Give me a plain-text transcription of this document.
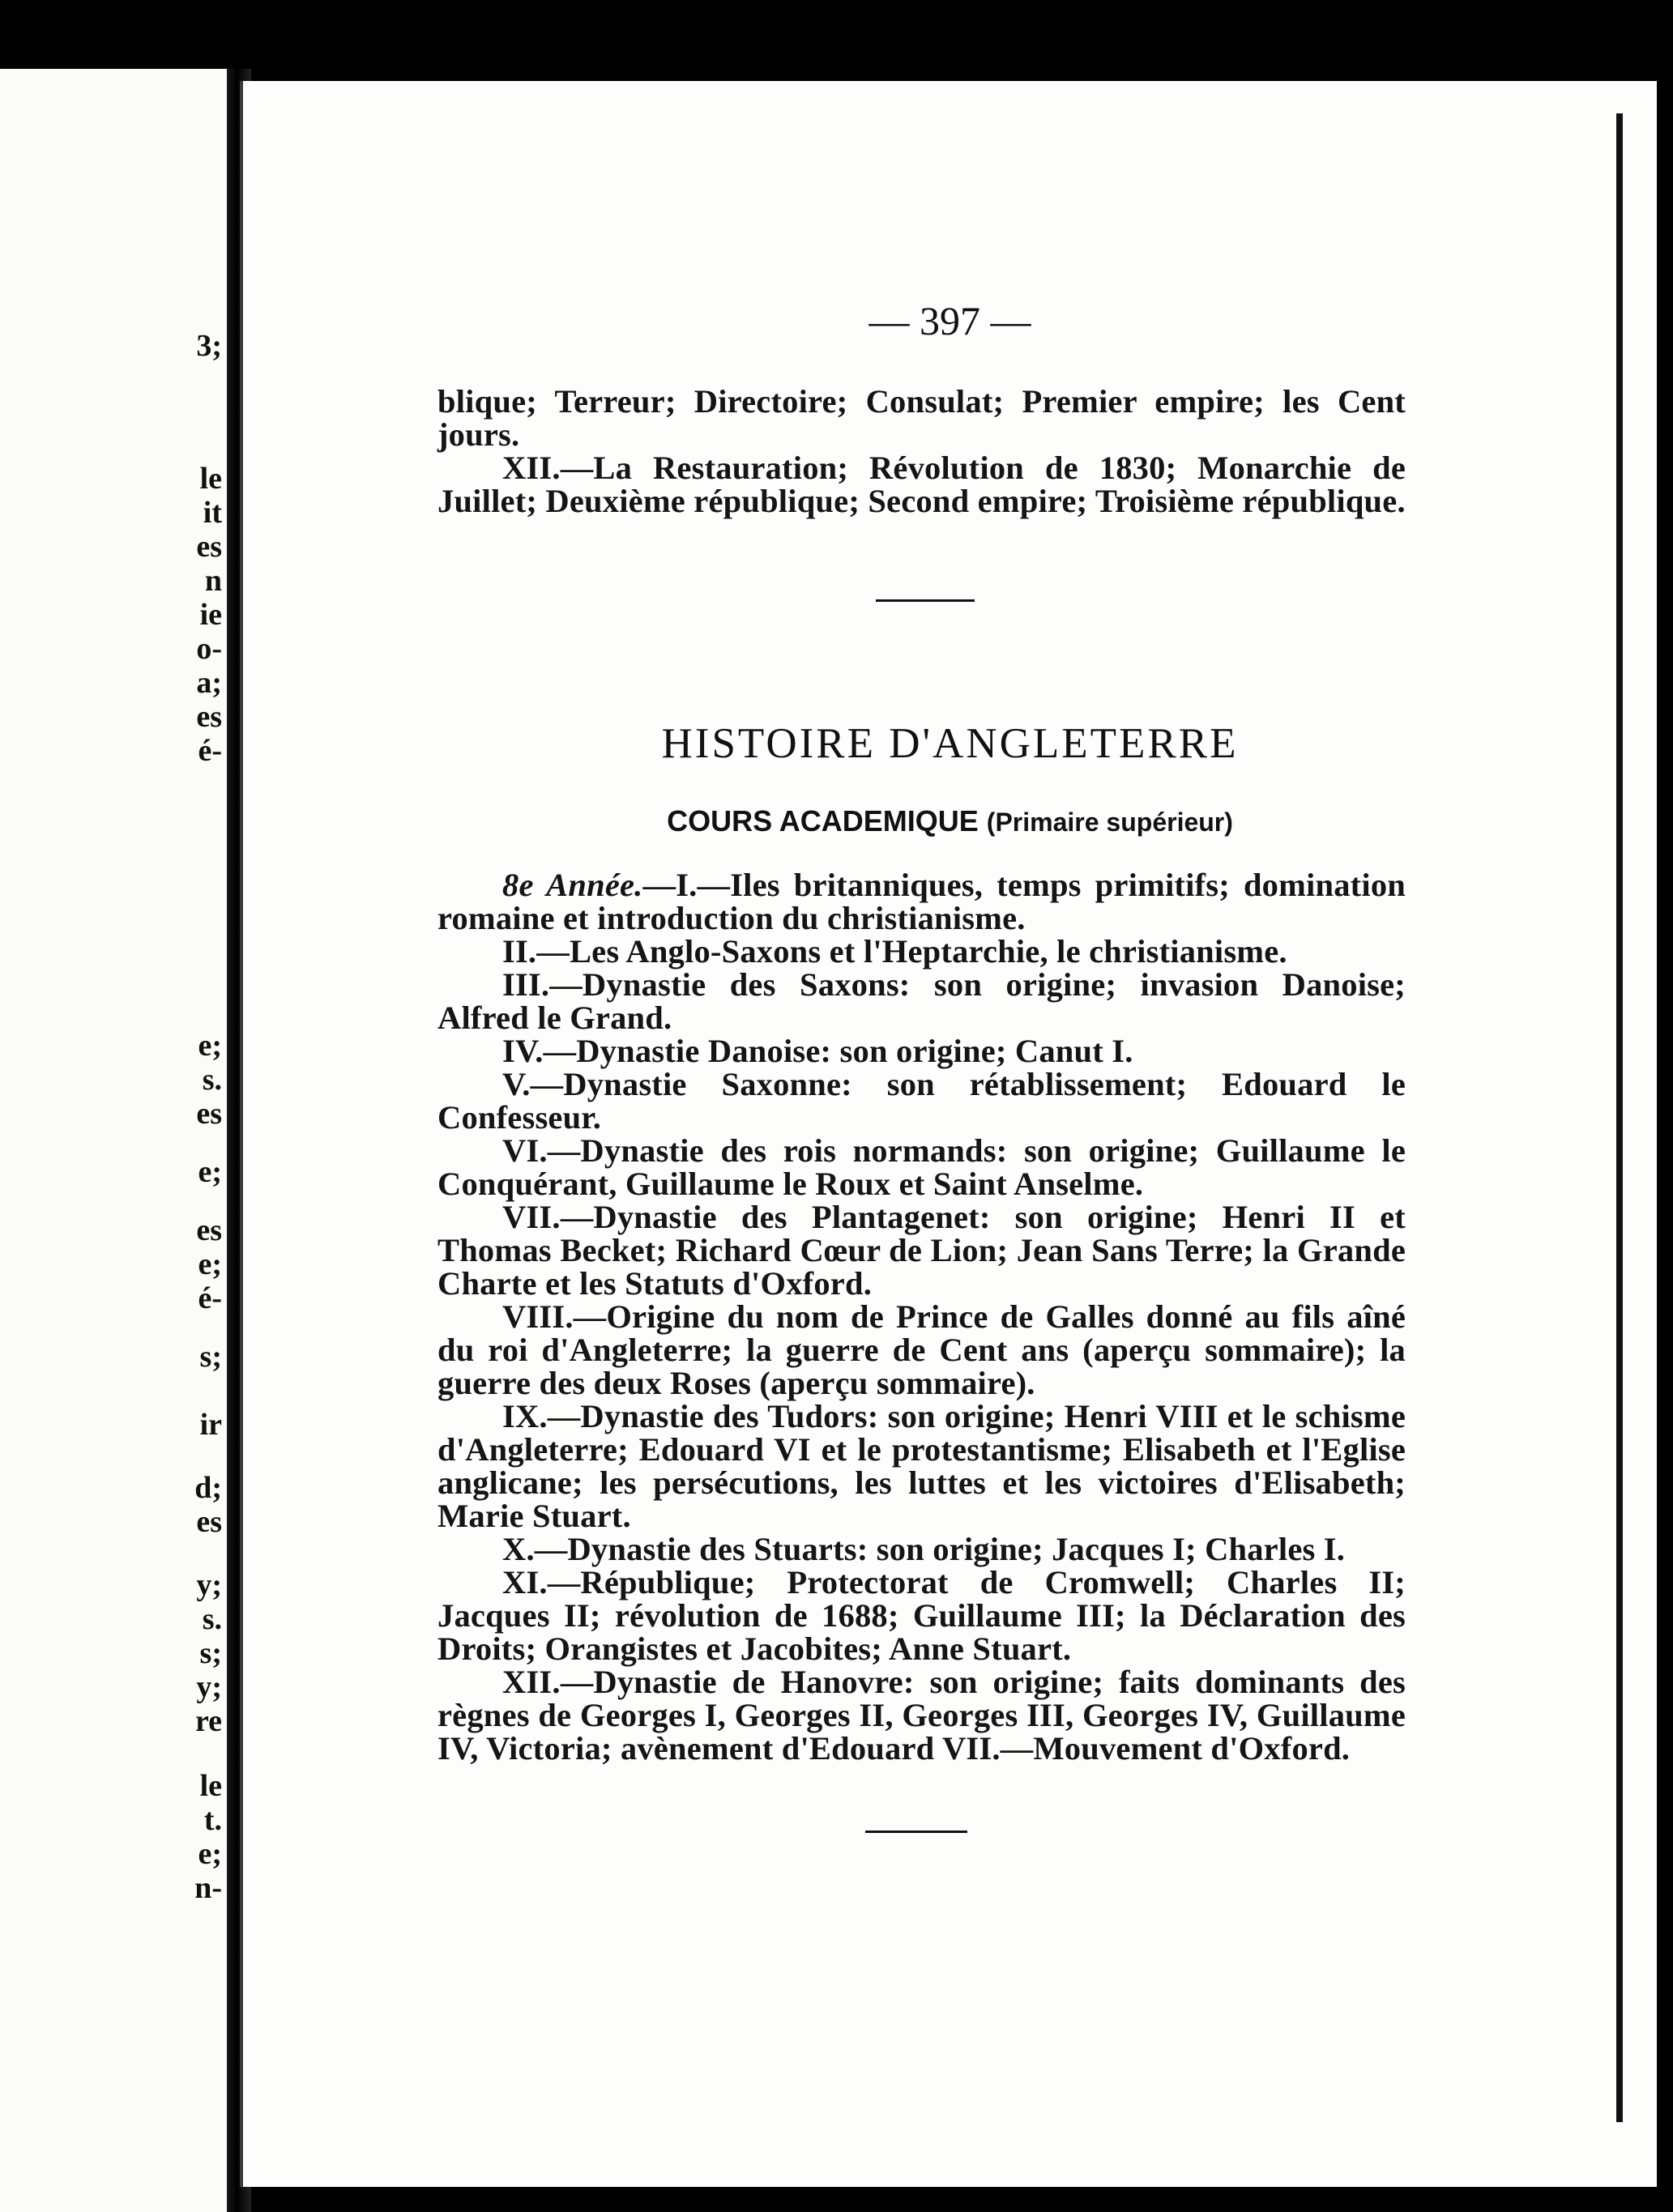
3;
le
it
es
n
ie
o-
a;
es
é-
e;
s.
es
e;
es
e;
é-
s;
ir
d;
es
y;
s.
s;
y;
re
le
t.
e;
n-
— 397 —

blique; Terreur; Directoire; Consulat; Premier empire; les Cent jours.

XII.—La Restauration; Révolution de 1830; Monarchie de Juillet; Deuxième république; Second empire; Troisième république.

HISTOIRE D'ANGLETERRE
COURS ACADEMIQUE (Primaire supérieur)

8e Année.—I.—Iles britanniques, temps primitifs; domination romaine et introduction du christianisme.

II.—Les Anglo-Saxons et l'Heptarchie, le christianisme.

III.—Dynastie des Saxons: son origine; invasion Danoise; Alfred le Grand.

IV.—Dynastie Danoise: son origine; Canut I.

V.—Dynastie Saxonne: son rétablissement; Edouard le Confesseur.

VI.—Dynastie des rois normands: son origine; Guillaume le Conquérant, Guillaume le Roux et Saint Anselme.

VII.—Dynastie des Plantagenet: son origine; Henri II et Thomas Becket; Richard Cœur de Lion; Jean Sans Terre; la Grande Charte et les Statuts d'Oxford.

VIII.—Origine du nom de Prince de Galles donné au fils aîné du roi d'Angleterre; la guerre de Cent ans (aperçu sommaire); la guerre des deux Roses (aperçu sommaire).

IX.—Dynastie des Tudors: son origine; Henri VIII et le schisme d'Angleterre; Edouard VI et le protestantisme; Elisabeth et l'Eglise anglicane; les persécutions, les luttes et les victoires d'Elisabeth; Marie Stuart.

X.—Dynastie des Stuarts: son origine; Jacques I; Charles I.

XI.—République; Protectorat de Cromwell; Charles II; Jacques II; révolution de 1688; Guillaume III; la Déclaration des Droits; Orangistes et Jacobites; Anne Stuart.

XII.—Dynastie de Hanovre: son origine; faits dominants des règnes de Georges I, Georges II, Georges III, Georges IV, Guillaume IV, Victoria; avènement d'Edouard VII.—Mouvement d'Oxford.
